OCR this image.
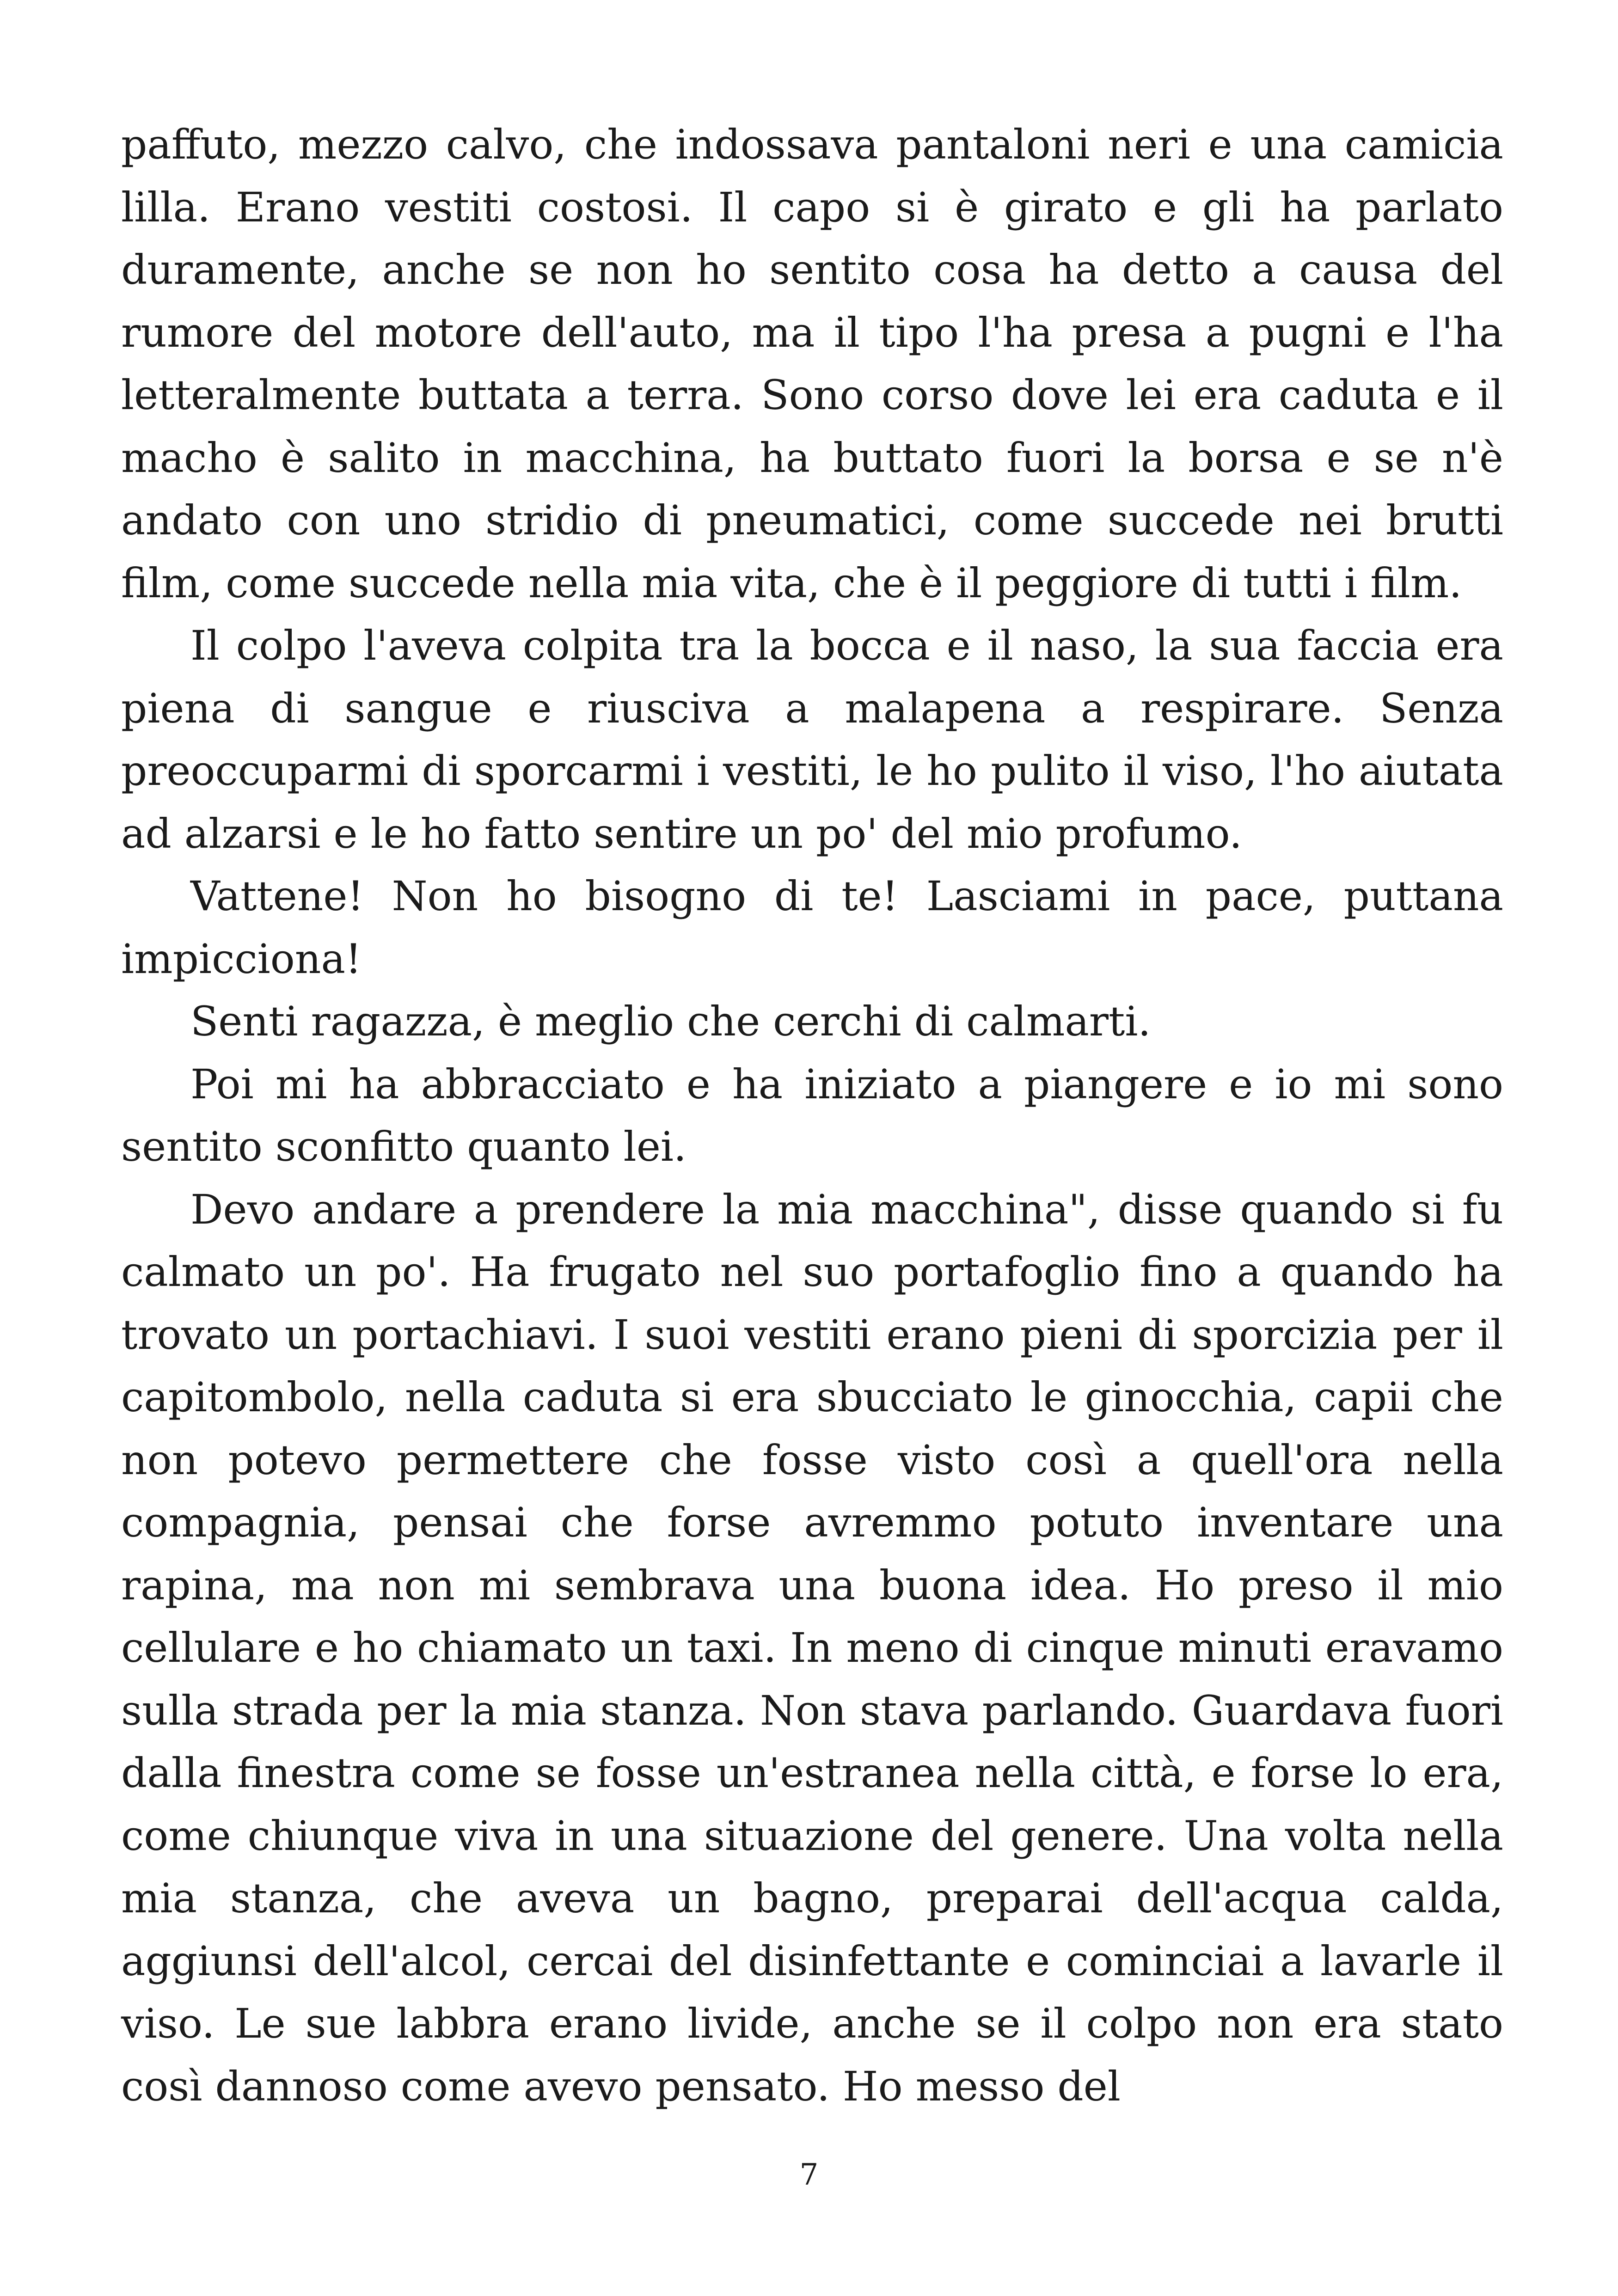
paffuto, mezzo calvo, che indossava pantaloni neri e una camicia lilla. Erano vestiti costosi. Il capo si è girato e gli ha parlato duramente, anche se non ho sentito cosa ha detto a causa del rumore del motore dell'auto, ma il tipo l'ha presa a pugni e l'ha letteralmente buttata a terra. Sono corso dove lei era caduta e il macho è salito in macchina, ha buttato fuori la borsa e se n'è andato con uno stridio di pneumatici, come succede nei brutti film, come succede nella mia vita, che è il peggiore di tutti i film.

Il colpo l'aveva colpita tra la bocca e il naso, la sua faccia era piena di sangue e riusciva a malapena a respirare. Senza preoccuparmi di sporcarmi i vestiti, le ho pulito il viso, l'ho aiutata ad alzarsi e le ho fatto sentire un po' del mio profumo.

Vattene! Non ho bisogno di te! Lasciami in pace, puttana impicciona!

Senti ragazza, è meglio che cerchi di calmarti.

Poi mi ha abbracciato e ha iniziato a piangere e io mi sono sentito sconfitto quanto lei.

Devo andare a prendere la mia macchina", disse quando si fu calmato un po'. Ha frugato nel suo portafoglio fino a quando ha trovato un portachiavi. I suoi vestiti erano pieni di sporcizia per il capitombolo, nella caduta si era sbucciato le ginocchia, capii che non potevo permettere che fosse visto così a quell'ora nella compagnia, pensai che forse avremmo potuto inventare una rapina, ma non mi sembrava una buona idea. Ho preso il mio cellulare e ho chiamato un taxi. In meno di cinque minuti eravamo sulla strada per la mia stanza. Non stava parlando. Guardava fuori dalla finestra come se fosse un'estranea nella città, e forse lo era, come chiunque viva in una situazione del genere. Una volta nella mia stanza, che aveva un bagno, preparai dell'acqua calda, aggiunsi dell'alcol, cercai del disinfettante e cominciai a lavarle il viso. Le sue labbra erano livide, anche se il colpo non era stato così dannoso come avevo pensato. Ho messo del

7
